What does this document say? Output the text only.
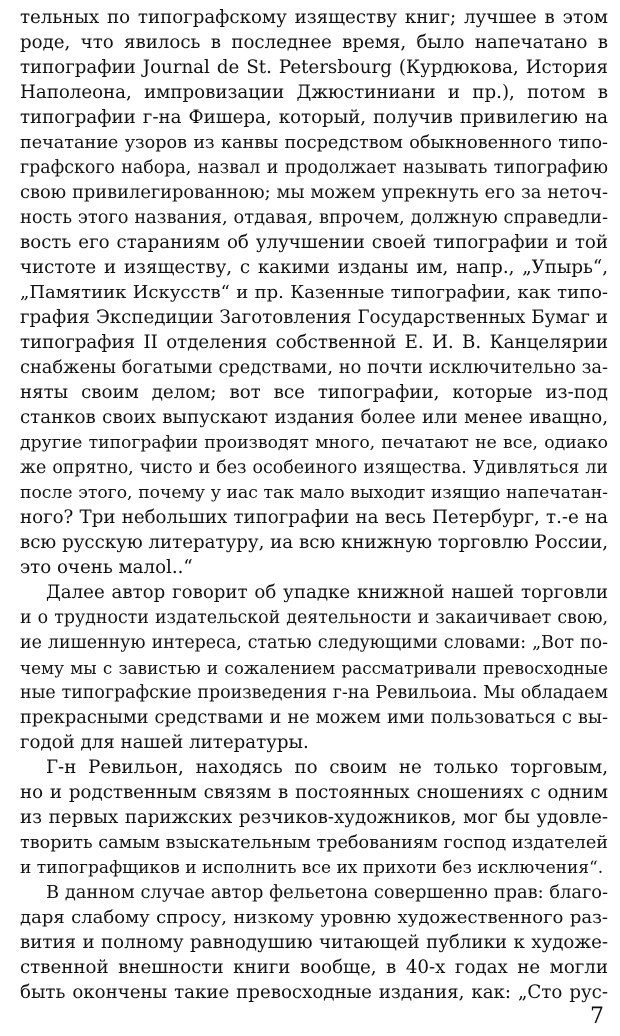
тельных по типографскому изяществу книг; лучшее в этом
роде, что явилось в последнее время, было напечатано в
типографии Journal de St. Petersbourg (Курдюкова, История
Наполеона, импровизации Джюстиниани и пр.), потом в
типографии г-на Фишера, который, получив привилегию на
печатание узоров из канвы посредством обыкновенного типо-
графского набора, назвал и продолжает называть типографию
свою привилегированною; мы можем упрекнуть его за неточ-
ность этого названия, отдавая, впрочем, должную справедли-
вость его стараниям об улучшении своей типографии и той
чистоте и изяществу, с какими изданы им, напр., „Упырь“,
„Памятиик Искусств“ и пр. Казенные типографии, как типо-
графия Экспедиции Заготовления Государственных Бумаг и
типография II отделения собственной Е. И. В. Канцелярии
снабжены богатыми средствами, но почти исключительно за-
няты своим делом; вот все типографии, которые из-под
станков своих выпускают издания более или менее иващно,
другие типографии производят много, печатают не все, одиако
же опрятно, чисто и без особеиного изящества. Удивляться ли
после этого, почему у иас так мало выходит изящио напечатан-
ного? Три небольших типографии на весь Петербург, т.-е на
всю русскую литературу, иа всю книжную торговлю России,
это очень малоl..“
Далее автор говорит об упадке книжной нашей торговли
и о трудности издательской деятельности и закаичивает свою,
ие лишенную интереса, статью следующими словами: „Вот по-
чему мы с завистью и сожалением рассматривали превосходные
ные типографские произведения г-на Ревильоиа. Мы обладаем
прекрасными средствами и не можем ими пользоваться с вы-
годой для нашей литературы.
Г-н Ревильон, находясь по своим не только торговым,
но и родственным связям в постоянных сношениях с одним
из первых парижских резчиков-художников, мог бы удовле-
творить самым взыскательным требованиям господ издателей
и типографщиков и исполнить все их прихоти без исключения“.
В данном случае автор фельетона совершенно прав: благо-
даря слабому спросу, низкому уровню художественного раз-
вития и полному равнодушию читающей публики к художе-
ственной внешности книги вообще, в 40-х годах не могли
быть окончены такие превосходные издания, как: „Сто рус-
7
